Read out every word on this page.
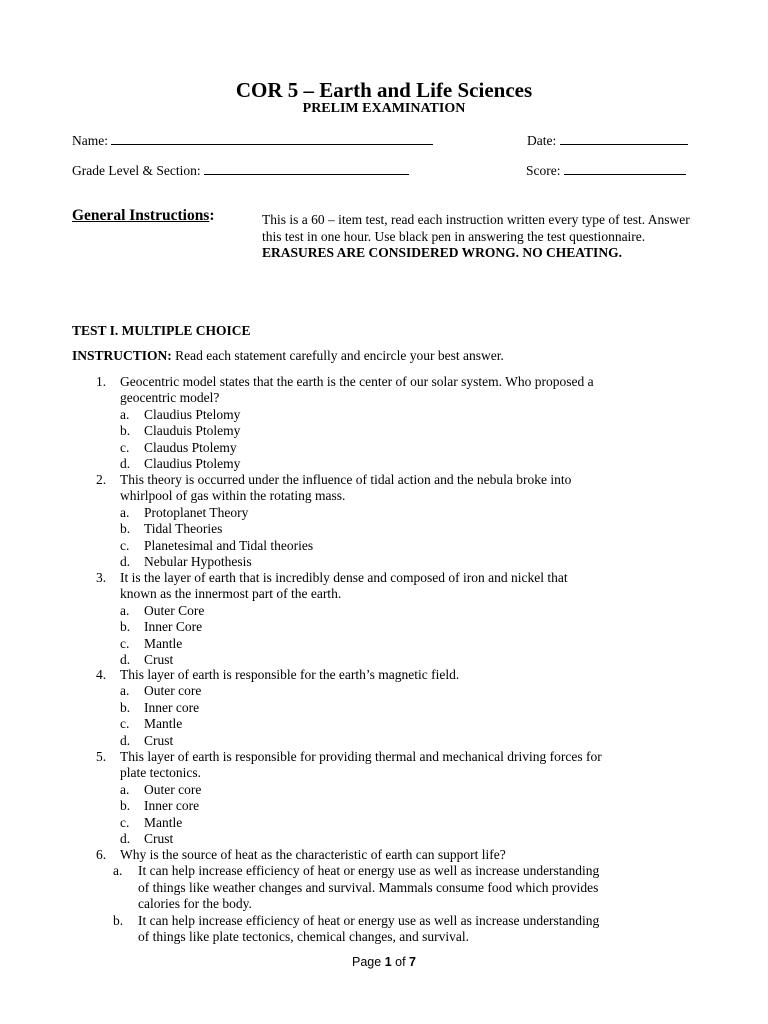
COR 5 – Earth and Life Sciences
PRELIM EXAMINATION
Name:	Date:
Grade Level & Section:	Score:
General Instructions:	This is a 60 – item test, read each instruction written every type of test. Answer this test in one hour. Use black pen in answering the test questionnaire. ERASURES ARE CONSIDERED WRONG. NO CHEATING.
TEST I. MULTIPLE CHOICE
INSTRUCTION: Read each statement carefully and encircle your best answer.
1.	Geocentric model states that the earth is the center of our solar system. Who proposed a
geocentric model?
a.	Claudius Ptelomy
b.	Clauduis Ptolemy
c.	Claudus Ptolemy
d.	Claudius Ptolemy
2.	This theory is occurred under the influence of tidal action and the nebula broke into
whirlpool of gas within the rotating mass.
a.	Protoplanet Theory
b.	Tidal Theories
c.	Planetesimal and Tidal theories
d.	Nebular Hypothesis
3.	It is the layer of earth that is incredibly dense and composed of iron and nickel that
known as the innermost part of the earth.
a.	Outer Core
b.	Inner Core
c.	Mantle
d.	Crust
4.	This layer of earth is responsible for the earth’s magnetic field.
a.	Outer core
b.	Inner core
c.	Mantle
d.	Crust
5.	This layer of earth is responsible for providing thermal and mechanical driving forces for
plate tectonics.
a.	Outer core
b.	Inner core
c.	Mantle
d.	Crust
6.	Why is the source of heat as the characteristic of earth can support life?
a.	It can help increase efficiency of heat or energy use as well as increase understanding
of things like weather changes and survival. Mammals consume food which provides
calories for the body.
b.	It can help increase efficiency of heat or energy use as well as increase understanding
of things like plate tectonics, chemical changes, and survival.
Page 1 of 7
